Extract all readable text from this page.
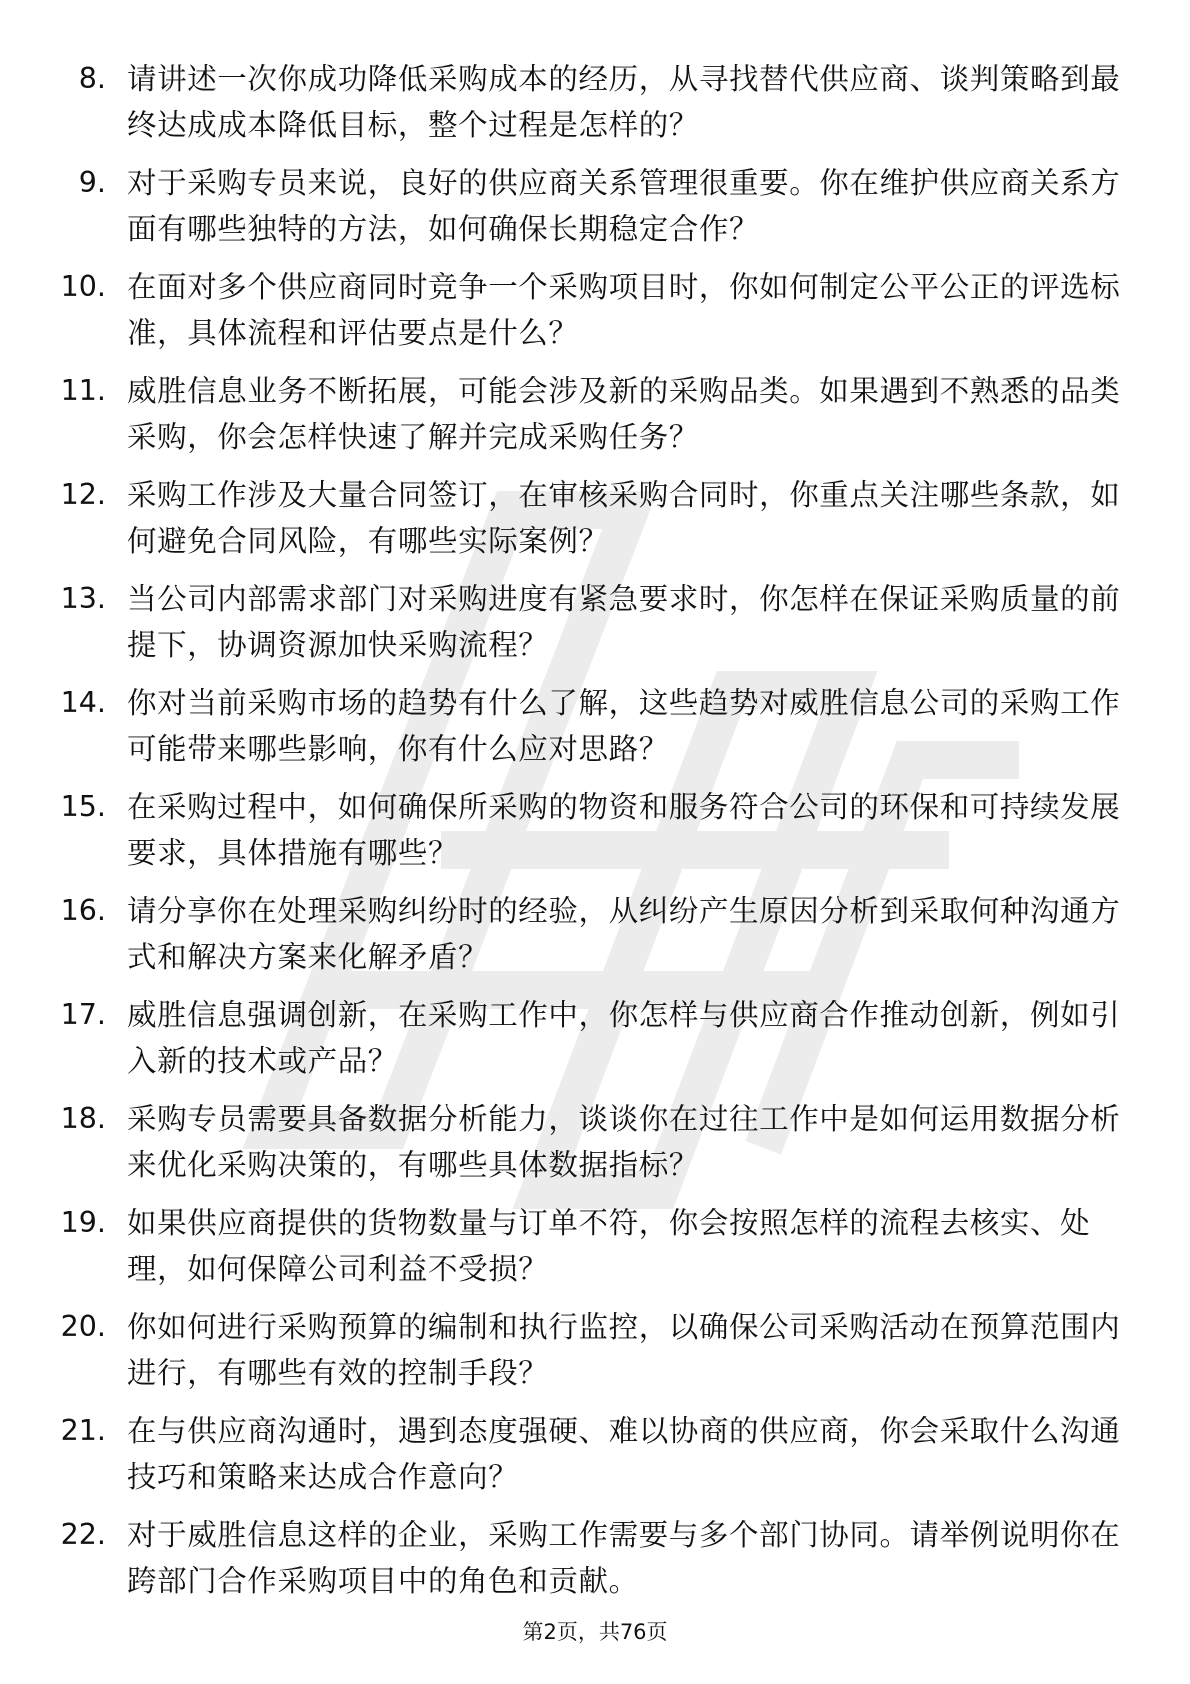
8. 请讲述一次你成功降低采购成本的经历，从寻找替代供应商、谈判策略到最终达成成本降低目标，整个过程是怎样的？
9. 对于采购专员来说，良好的供应商关系管理很重要。你在维护供应商关系方面有哪些独特的方法，如何确保长期稳定合作？
10. 在面对多个供应商同时竞争一个采购项目时，你如何制定公平公正的评选标准，具体流程和评估要点是什么？
11. 威胜信息业务不断拓展，可能会涉及新的采购品类。如果遇到不熟悉的品类采购，你会怎样快速了解并完成采购任务？
12. 采购工作涉及大量合同签订，在审核采购合同时，你重点关注哪些条款，如何避免合同风险，有哪些实际案例？
13. 当公司内部需求部门对采购进度有紧急要求时，你怎样在保证采购质量的前提下，协调资源加快采购流程？
14. 你对当前采购市场的趋势有什么了解，这些趋势对威胜信息公司的采购工作可能带来哪些影响，你有什么应对思路？
15. 在采购过程中，如何确保所采购的物资和服务符合公司的环保和可持续发展要求，具体措施有哪些？
16. 请分享你在处理采购纠纷时的经验，从纠纷产生原因分析到采取何种沟通方式和解决方案来化解矛盾？
17. 威胜信息强调创新，在采购工作中，你怎样与供应商合作推动创新，例如引入新的技术或产品？
18. 采购专员需要具备数据分析能力，谈谈你在过往工作中是如何运用数据分析来优化采购决策的，有哪些具体数据指标？
19. 如果供应商提供的货物数量与订单不符，你会按照怎样的流程去核实、处理，如何保障公司利益不受损？
20. 你如何进行采购预算的编制和执行监控，以确保公司采购活动在预算范围内进行，有哪些有效的控制手段？
21. 在与供应商沟通时，遇到态度强硬、难以协商的供应商，你会采取什么沟通技巧和策略来达成合作意向？
22. 对于威胜信息这样的企业，采购工作需要与多个部门协同。请举例说明你在跨部门合作采购项目中的角色和贡献。
第2页，共76页
